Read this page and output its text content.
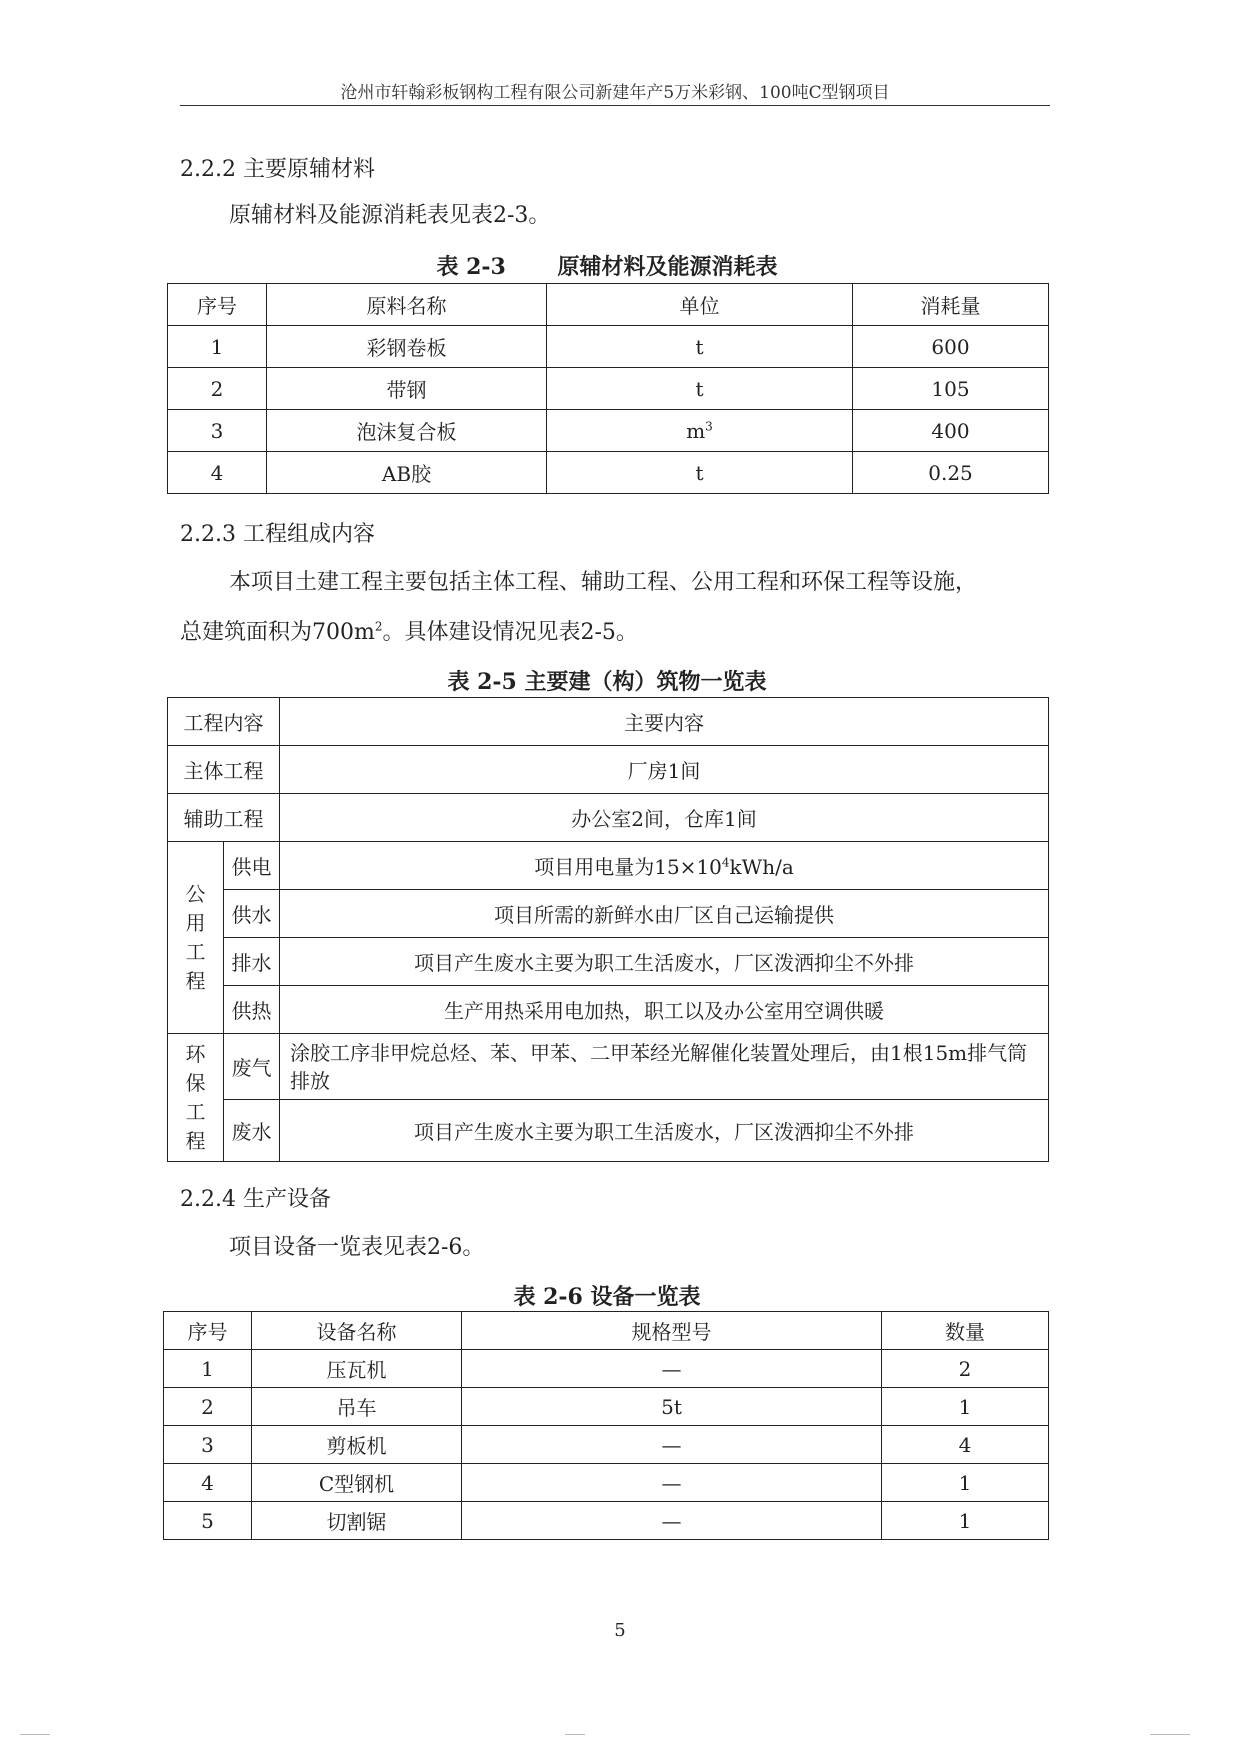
沧州市轩翰彩板钢构工程有限公司新建年产5万米彩钢、100吨C型钢项目
2.2.2 主要原辅材料
原辅材料及能源消耗表见表2-3。
表 2-3 原辅材料及能源消耗表
序号	原料名称	单位	消耗量
1	彩钢卷板	t	600
2	带钢	t	105
3	泡沫复合板	$m^3$	400
4	AB胶	t	0.25
2.2.3 工程组成内容
本项目土建工程主要包括主体工程、辅助工程、公用工程和环保工程等设施，
总建筑面积为$700m^2$。具体建设情况见表2-5。
表 2-5 主要建（构）筑物一览表
工程内容		主要内容
主体工程		厂房1间
辅助工程		办公室2间，仓库1间

公
用
工
程	供电	项目用电量为$15\times 10^4kWh/a$
	供水	项目所需的新鲜水由厂区自己运输提供
	排水	项目产生废水主要为职工生活废水，厂区泼洒抑尘不外排
	供热	生产用热采用电加热，职工以及办公室用空调供暖

环
保
工
程	废气	涂胶工序非甲烷总烃、苯、甲苯、二甲苯经光解催化装置处理后，由1根15m排气筒排放
	废水	项目产生废水主要为职工生活废水，厂区泼洒抑尘不外排
2.2.4 生产设备
项目设备一览表见表2-6。
表 2-6 设备一览表
序号	设备名称	规格型号	数量
1	压瓦机	—	2
2	吊车	5t	1
3	剪板机	—	4
4	C型钢机	—	1
5	切割锯	—	1
5
